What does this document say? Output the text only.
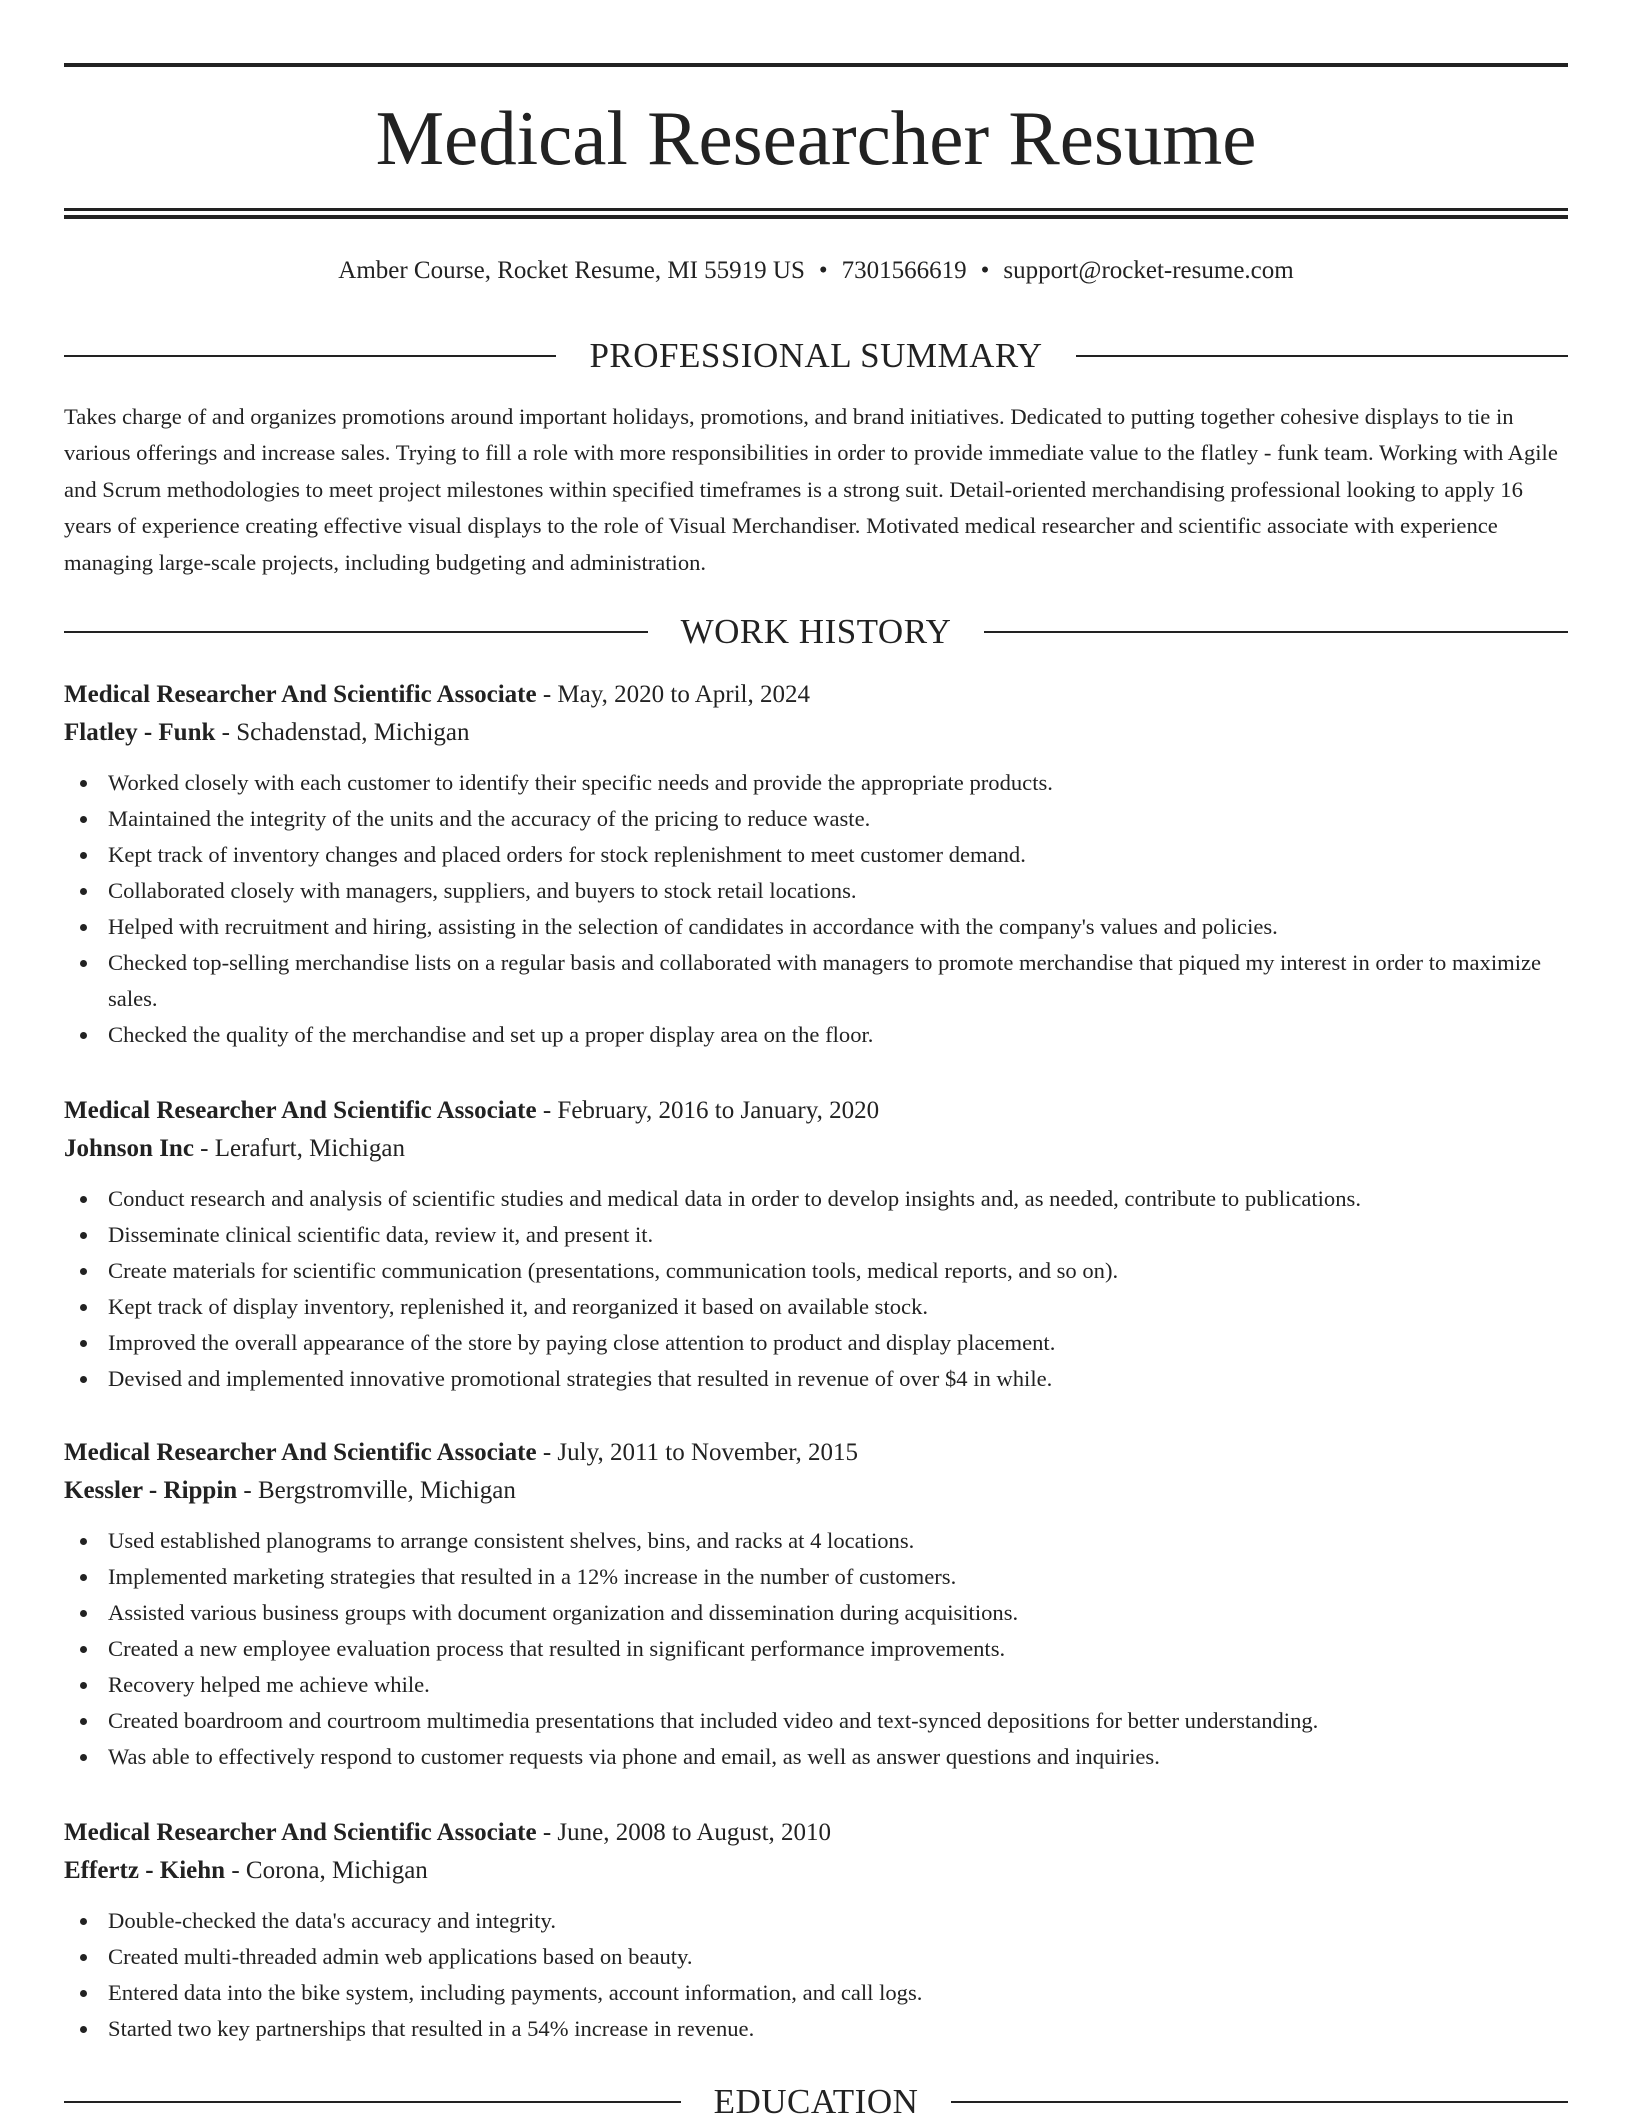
Medical Researcher Resume
Amber Course, Rocket Resume, MI 55919 US • 7301566619 • support@rocket-resume.com
PROFESSIONAL SUMMARY

Takes charge of and organizes promotions around important holidays, promotions, and brand initiatives. Dedicated to putting together cohesive displays to tie in various offerings and increase sales. Trying to fill a role with more responsibilities in order to provide immediate value to the flatley - funk team. Working with Agile and Scrum methodologies to meet project milestones within specified timeframes is a strong suit. Detail-oriented merchandising professional looking to apply 16 years of experience creating effective visual displays to the role of Visual Merchandiser. Motivated medical researcher and scientific associate with experience managing large-scale projects, including budgeting and administration.

WORK HISTORY
Medical Researcher And Scientific Associate - May, 2020 to April, 2024
Flatley - Funk - Schadenstad, Michigan
Worked closely with each customer to identify their specific needs and provide the appropriate products.
Maintained the integrity of the units and the accuracy of the pricing to reduce waste.
Kept track of inventory changes and placed orders for stock replenishment to meet customer demand.
Collaborated closely with managers, suppliers, and buyers to stock retail locations.
Helped with recruitment and hiring, assisting in the selection of candidates in accordance with the company's values and policies.
Checked top-selling merchandise lists on a regular basis and collaborated with managers to promote merchandise that piqued my interest in order to maximize sales.
Checked the quality of the merchandise and set up a proper display area on the floor.
Medical Researcher And Scientific Associate - February, 2016 to January, 2020
Johnson Inc - Lerafurt, Michigan
Conduct research and analysis of scientific studies and medical data in order to develop insights and, as needed, contribute to publications.
Disseminate clinical scientific data, review it, and present it.
Create materials for scientific communication (presentations, communication tools, medical reports, and so on).
Kept track of display inventory, replenished it, and reorganized it based on available stock.
Improved the overall appearance of the store by paying close attention to product and display placement.
Devised and implemented innovative promotional strategies that resulted in revenue of over $4 in while.
Medical Researcher And Scientific Associate - July, 2011 to November, 2015
Kessler - Rippin - Bergstromville, Michigan
Used established planograms to arrange consistent shelves, bins, and racks at 4 locations.
Implemented marketing strategies that resulted in a 12% increase in the number of customers.
Assisted various business groups with document organization and dissemination during acquisitions.
Created a new employee evaluation process that resulted in significant performance improvements.
Recovery helped me achieve while.
Created boardroom and courtroom multimedia presentations that included video and text-synced depositions for better understanding.
Was able to effectively respond to customer requests via phone and email, as well as answer questions and inquiries.
Medical Researcher And Scientific Associate - June, 2008 to August, 2010
Effertz - Kiehn - Corona, Michigan
Double-checked the data's accuracy and integrity.
Created multi-threaded admin web applications based on beauty.
Entered data into the bike system, including payments, account information, and call logs.
Started two key partnerships that resulted in a 54% increase in revenue.
EDUCATION
